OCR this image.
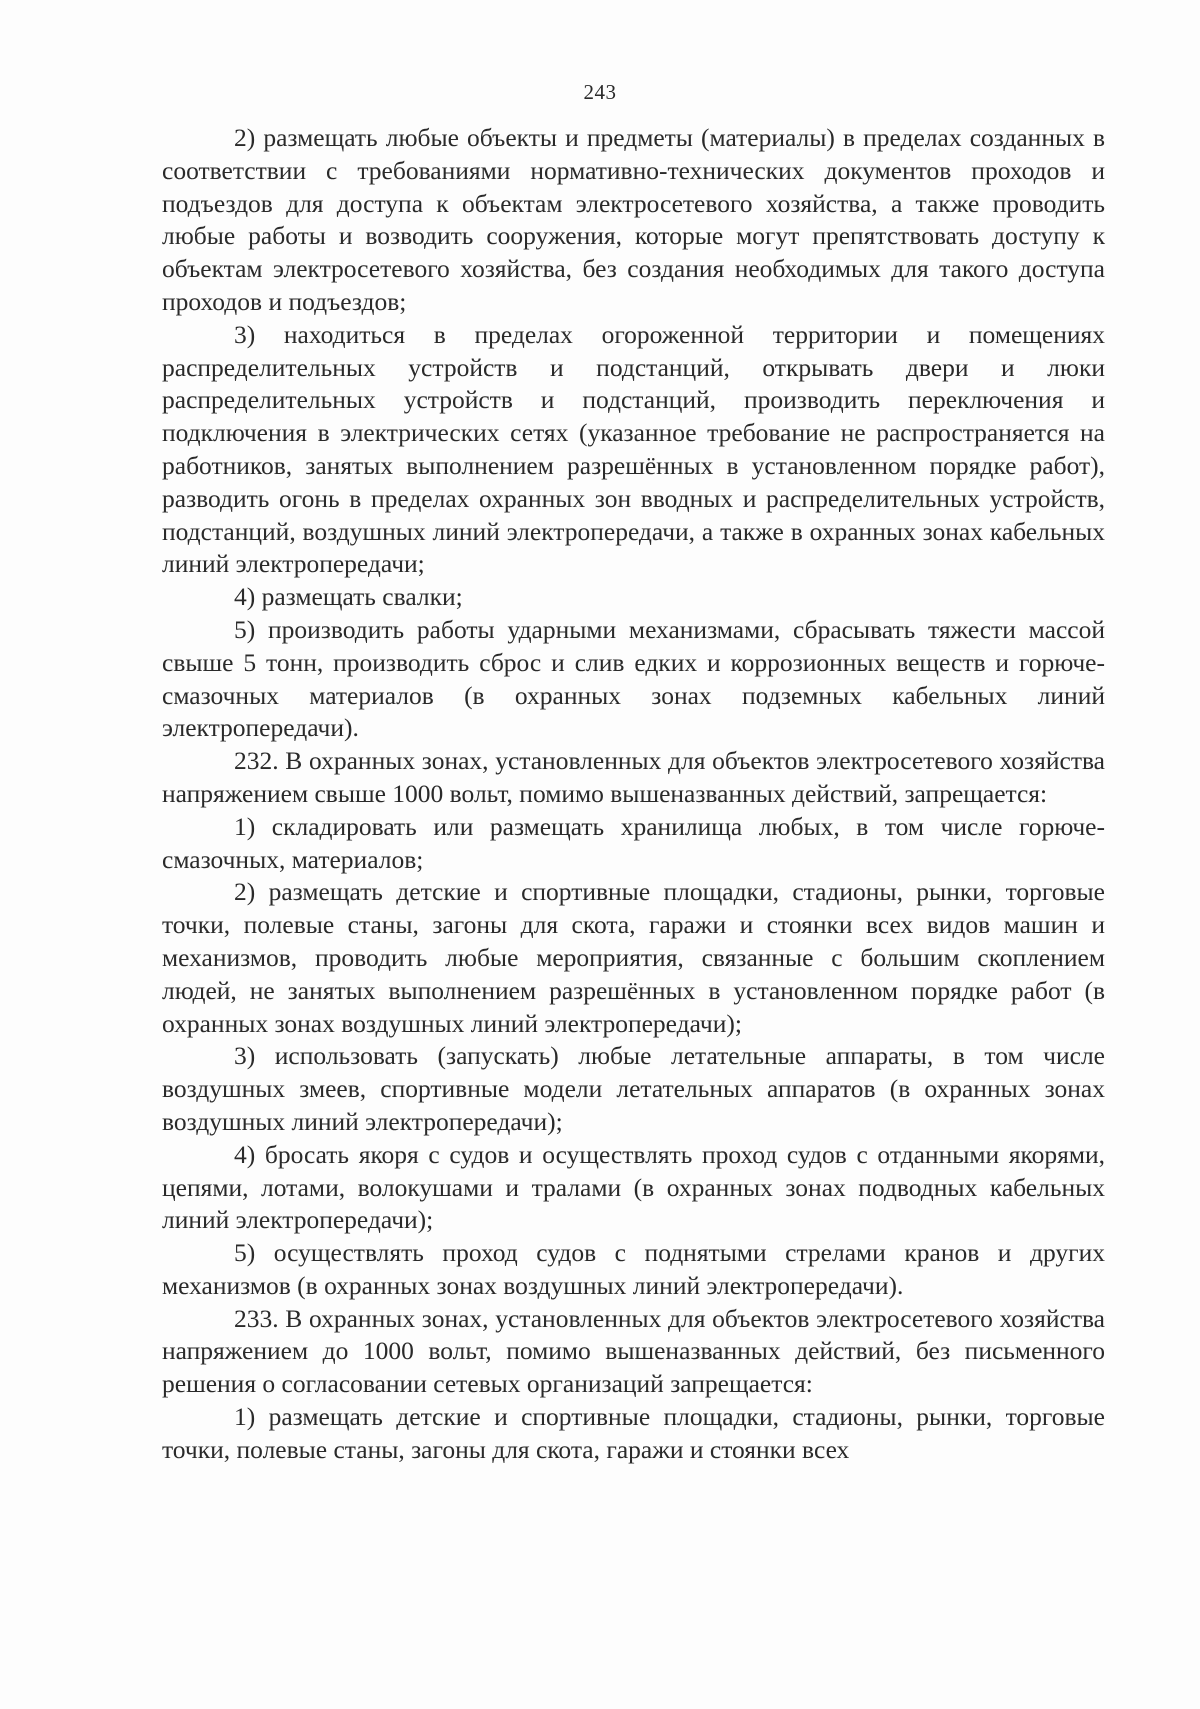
243

2) размещать любые объекты и предметы (материалы) в пределах созданных в соответствии с требованиями нормативно-технических документов проходов и подъездов для доступа к объектам электросетевого хозяйства, а также проводить любые работы и возводить сооружения, которые могут препятствовать доступу к объектам электросетевого хозяйства, без создания необходимых для такого доступа проходов и подъездов;

3) находиться в пределах огороженной территории и помещениях распределительных устройств и подстанций, открывать двери и люки распределительных устройств и подстанций, производить переключения и подключения в электрических сетях (указанное требование не распространяется на работников, занятых выполнением разрешённых в установленном порядке работ), разводить огонь в пределах охранных зон вводных и распределительных устройств, подстанций, воздушных линий электропередачи, а также в охранных зонах кабельных линий электропередачи;

4) размещать свалки;

5) производить работы ударными механизмами, сбрасывать тяжести массой свыше 5 тонн, производить сброс и слив едких и коррозионных веществ и горюче-смазочных материалов (в охранных зонах подземных кабельных линий электропередачи).

232. В охранных зонах, установленных для объектов электросетевого хозяйства напряжением свыше 1000 вольт, помимо вышеназванных действий, запрещается:

1) складировать или размещать хранилища любых, в том числе горюче-смазочных, материалов;

2) размещать детские и спортивные площадки, стадионы, рынки, торговые точки, полевые станы, загоны для скота, гаражи и стоянки всех видов машин и механизмов, проводить любые мероприятия, связанные с большим скоплением людей, не занятых выполнением разрешённых в установленном порядке работ (в охранных зонах воздушных линий электропередачи);

3) использовать (запускать) любые летательные аппараты, в том числе воздушных змеев, спортивные модели летательных аппаратов (в охранных зонах воздушных линий электропередачи);

4) бросать якоря с судов и осуществлять проход судов с отданными якорями, цепями, лотами, волокушами и тралами (в охранных зонах подводных кабельных линий электропередачи);

5) осуществлять проход судов с поднятыми стрелами кранов и других механизмов (в охранных зонах воздушных линий электропередачи).

233. В охранных зонах, установленных для объектов электросетевого хозяйства напряжением до 1000 вольт, помимо вышеназванных действий, без письменного решения о согласовании сетевых организаций запрещается:

1) размещать детские и спортивные площадки, стадионы, рынки, торговые точки, полевые станы, загоны для скота, гаражи и стоянки всех
